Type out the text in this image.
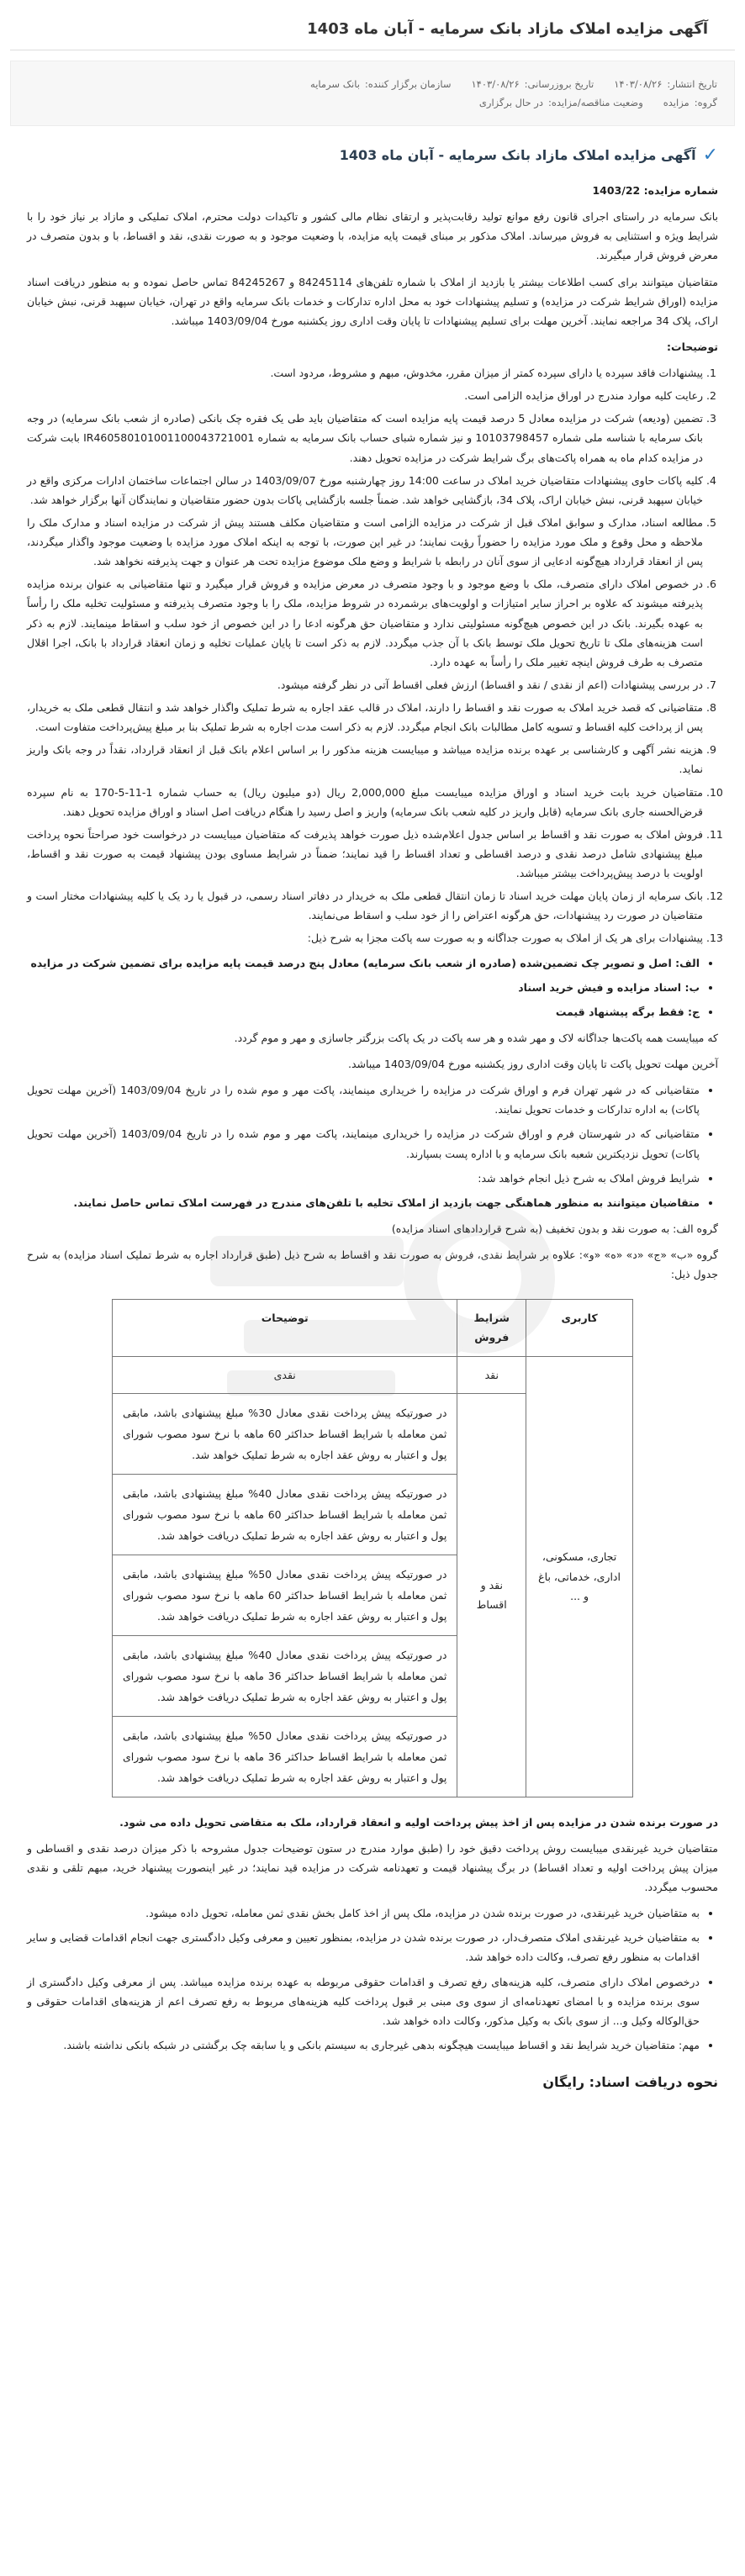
آگهی مزایده املاک مازاد بانک سرمایه - آبان ماه 1403
تاریخ انتشار:
۱۴۰۳/۰۸/۲۶
تاریخ بروزرسانی:
۱۴۰۳/۰۸/۲۶
سازمان برگزار کننده:
بانک سرمایه
گروه:
مزایده
وضعیت مناقصه/مزایده:
در حال برگزاری
✓
آگهی مزایده املاک مازاد بانک سرمایه - آبان ماه 1403

شماره مزایده: 1403/22

بانک سرمایه در راستای اجرای قانون رفع موانع تولید رقابت‌پذیر و ارتقای نظام مالی کشور و تاکیدات دولت محترم، املاک تملیکی و مازاد بر نیاز خود را با شرایط ویژه و استثنایی به فروش میرساند. املاک مذکور بر مبنای قیمت پایه مزایده، با وضعیت موجود و به صورت نقدی، نقد و اقساط، با و بدون متصرف در معرض فروش قرار میگیرند.

متقاضیان میتوانند برای کسب اطلاعات بیشتر یا بازدید از املاک با شماره تلفن‌های 84245114 و 84245267 تماس حاصل نموده و به منظور دریافت اسناد مزایده (اوراق شرایط شرکت در مزایده) و تسلیم پیشنهادات خود به محل اداره تدارکات و خدمات بانک سرمایه واقع در تهران، خیابان سپهبد قرنی، نبش خیابان اراک، پلاک 34 مراجعه نمایند. آخرین مهلت برای تسلیم پیشنهادات تا پایان وقت اداری روز یکشنبه مورخ 1403/09/04 میباشد.

توضیحات:

1. پیشنهادات فاقد سپرده یا دارای سپرده کمتر از میزان مقرر، مخدوش، مبهم و مشروط، مردود است.
2. رعایت کلیه موارد مندرج در اوراق مزایده الزامی است.
3. تضمین (ودیعه) شرکت در مزایده معادل 5 درصد قیمت پایه مزایده است که متقاضیان باید طی یک فقره چک بانکی (صادره از شعب بانک سرمایه) در وجه بانک سرمایه با شناسه ملی شماره 10103798457 و نیز شماره شبای حساب بانک سرمایه به شماره IR460580101001100043721001 بابت شرکت در مزایده کدام ماه به همراه پاکت‌های برگ شرایط شرکت در مزایده تحویل دهند.
4. کلیه پاکات حاوی پیشنهادات متقاضیان خرید املاک در ساعت 14:00 روز چهارشنبه مورخ 1403/09/07 در سالن اجتماعات ساختمان ادارات مرکزی واقع در خیابان سپهبد قرنی، نبش خیابان اراک، پلاک 34، بازگشایی خواهد شد. ضمناً جلسه بازگشایی پاکات بدون حضور متقاضیان و نمایندگان آنها برگزار خواهد شد.
5. مطالعه اسناد، مدارک و سوابق املاک قبل از شرکت در مزایده الزامی است و متقاضیان مکلف هستند پیش از شرکت در مزایده اسناد و مدارک ملک را ملاحظه و محل وقوع و ملک مورد مزایده را حضوراً رؤیت نمایند؛ در غیر این صورت، با توجه به اینکه املاک مورد مزایده با وضعیت موجود واگذار میگردند، پس از انعقاد قرارداد هیچ‌گونه ادعایی از سوی آنان در رابطه با شرایط و وضع ملک موضوع مزایده تحت هر عنوان و جهت پذیرفته نخواهد شد.
6. در خصوص املاک دارای متصرف، ملک با وضع موجود و با وجود متصرف در معرض مزایده و فروش قرار میگیرد و تنها متقاضیانی به عنوان برنده مزایده پذیرفته میشوند که علاوه بر احراز سایر امتیازات و اولویت‌های برشمرده در شروط مزایده، ملک را با وجود متصرف پذیرفته و مسئولیت تخلیه ملک را رأساً به عهده بگیرند. بانک در این خصوص هیچ‌گونه مسئولیتی ندارد و متقاضیان حق هرگونه ادعا را در این خصوص از خود سلب و اسقاط مینمایند. لازم به ذکر است هزینه‌های ملک تا تاریخ تحویل ملک توسط بانک با آن جذب میگردد. لازم به ذکر است تا پایان عملیات تخلیه و زمان انعقاد قرارداد با بانک، اجرا اقلال متصرف به طرف فروش اینچه تغییر ملک را رأساً به عهده دارد.
7. در بررسی پیشنهادات (اعم از نقدی / نقد و اقساط) ارزش فعلی اقساط آتی در نظر گرفته میشود.
8. متقاضیانی که قصد خرید املاک به صورت نقد و اقساط را دارند، املاک در قالب عقد اجاره به شرط تملیک واگذار خواهد شد و انتقال قطعی ملک به خریدار، پس از پرداخت کلیه اقساط و تسویه کامل مطالبات بانک انجام میگردد. لازم به ذکر است مدت اجاره به شرط تملیک بنا بر مبلغ پیش‌پرداخت متفاوت است.
9. هزینه نشر آگهی و کارشناسی بر عهده برنده مزایده میباشد و میبایست هزینه مذکور را بر اساس اعلام بانک قبل از انعقاد قرارداد، نقداً در وجه بانک واریز نماید.
10. متقاضیان خرید بابت خرید اسناد و اوراق مزایده میبایست مبلغ 2,000,000 ریال (دو میلیون ریال) به حساب شماره 1-11-5-170 به نام سپرده قرض‌الحسنه جاری بانک سرمایه (قابل واریز در کلیه شعب بانک سرمایه) واریز و اصل رسید را هنگام دریافت اصل اسناد و اوراق مزایده تحویل دهند.
11. فروش املاک به صورت نقد و اقساط بر اساس جدول اعلام‌شده ذیل صورت خواهد پذیرفت که متقاضیان میبایست در درخواست خود صراحتاً نحوه پرداخت مبلغ پیشنهادی شامل درصد نقدی و درصد اقساطی و تعداد اقساط را قید نمایند؛ ضمناً در شرایط مساوی بودن پیشنهاد قیمت به صورت نقد و اقساط، اولویت با درصد پیش‌پرداخت بیشتر میباشد.
12. بانک سرمایه از زمان پایان مهلت خرید اسناد تا زمان انتقال قطعی ملک به خریدار در دفاتر اسناد رسمی، در قبول یا رد یک یا کلیه پیشنهادات مختار است و متقاضیان در صورت رد پیشنهادات، حق هرگونه اعتراض را از خود سلب و اسقاط می‌نمایند.
13. پیشنهادات برای هر یک از املاک به صورت جداگانه و به صورت سه پاکت مجزا به شرح ذیل:
• الف: اصل و تصویر چک تضمین‌شده (صادره از شعب بانک سرمایه) معادل پنج درصد قیمت پایه مزایده برای تضمین شرکت در مزایده
• ب: اسناد مزایده و فیش خرید اسناد
• ج: فقط برگه پیشنهاد قیمت

که میبایست همه پاکت‌ها جداگانه لاک و مهر شده و هر سه پاکت در یک پاکت بزرگتر جاسازی و مهر و موم گردد.

آخرین مهلت تحویل پاکت تا پایان وقت اداری روز یکشنبه مورخ 1403/09/04 میباشد.

• متقاضیانی که در شهر تهران فرم و اوراق شرکت در مزایده را خریداری مینمایند، پاکت مهر و موم شده را در تاریخ 1403/09/04 (آخرین مهلت تحویل پاکات) به اداره تدارکات و خدمات تحویل نمایند.
• متقاضیانی که در شهرستان فرم و اوراق شرکت در مزایده را خریداری مینمایند، پاکت مهر و موم شده را در تاریخ 1403/09/04 (آخرین مهلت تحویل پاکات) تحویل نزدیکترین شعبه بانک سرمایه و با اداره پست بسپارند.
• شرایط فروش املاک به شرح ذیل انجام خواهد شد:
• متقاضیان میتوانند به منظور هماهنگی جهت بازدید از املاک تخلیه با تلفن‌های مندرج در فهرست املاک تماس حاصل نمایند.

گروه الف: به صورت نقد و بدون تخفیف (به شرح قراردادهای اسناد مزایده)

گروه «ب» «ج» «د» «ه» «و»: علاوه بر شرایط نقدی، فروش به صورت نقد و اقساط به شرح ذیل (طبق قرارداد اجاره به شرط تملیک اسناد مزایده) به شرح جدول ذیل:

کاربری	شرایط فروش	توضیحات
تجاری، مسکونی، اداری، خدماتی، باغ و ...	نقد	نقدی
	نقد و اقساط	در صورتیکه پیش پرداخت نقدی معادل 30% مبلغ پیشنهادی باشد، مابقی ثمن معامله با شرایط اقساط حداکثر 60 ماهه با نرخ سود مصوب شورای پول و اعتبار به روش عقد اجاره به شرط تملیک خواهد شد.
		در صورتیکه پیش پرداخت نقدی معادل 40% مبلغ پیشنهادی باشد، مابقی ثمن معامله با شرایط اقساط حداکثر 60 ماهه با نرخ سود مصوب شورای پول و اعتبار به روش عقد اجاره به شرط تملیک دریافت خواهد شد.
		در صورتیکه پیش پرداخت نقدی معادل 50% مبلغ پیشنهادی باشد، مابقی ثمن معامله با شرایط اقساط حداکثر 60 ماهه با نرخ سود مصوب شورای پول و اعتبار به روش عقد اجاره به شرط تملیک دریافت خواهد شد.
		در صورتیکه پیش پرداخت نقدی معادل 40% مبلغ پیشنهادی باشد، مابقی ثمن معامله با شرایط اقساط حداکثر 36 ماهه با نرخ سود مصوب شورای پول و اعتبار به روش عقد اجاره به شرط تملیک دریافت خواهد شد.
		در صورتیکه پیش پرداخت نقدی معادل 50% مبلغ پیشنهادی باشد، مابقی ثمن معامله با شرایط اقساط حداکثر 36 ماهه با نرخ سود مصوب شورای پول و اعتبار به روش عقد اجاره به شرط تملیک دریافت خواهد شد.

در صورت برنده شدن در مزایده پس از اخذ پیش پرداخت اولیه و انعقاد قرارداد، ملک به متقاضی تحویل داده می شود.

متقاضیان خرید غیرنقدی میبایست روش پرداخت دقیق خود را (طبق موارد مندرج در ستون توضیحات جدول مشروحه با ذکر میزان درصد نقدی و اقساطی و میزان پیش پرداخت اولیه و تعداد اقساط) در برگ پیشنهاد قیمت و تعهدنامه شرکت در مزایده قید نمایند؛ در غیر اینصورت پیشنهاد خرید، مبهم تلقی و نقدی محسوب میگردد.

• به متقاضیان خرید غیرنقدی، در صورت برنده شدن در مزایده، ملک پس از اخذ کامل بخش نقدی ثمن معامله، تحویل داده میشود.
• به متقاضیان خرید غیرنقدی املاک متصرف‌دار، در صورت برنده شدن در مزایده، بمنظور تعیین و معرفی وکیل دادگستری جهت انجام اقدامات قضایی و سایر اقدامات به منظور رفع تصرف، وکالت داده خواهد شد.
• درخصوص املاک دارای متصرف، کلیه هزینه‌های رفع تصرف و اقدامات حقوقی مربوطه به عهده برنده مزایده میباشد. پس از معرفی وکیل دادگستری از سوی برنده مزایده و با امضای تعهدنامه‌ای از سوی وی مبنی بر قبول پرداخت کلیه هزینه‌های مربوط به رفع تصرف اعم از هزینه‌های اقدامات حقوقی و حق‌الوکاله وکیل و... از سوی بانک به وکیل مذکور، وکالت داده خواهد شد.
• مهم: متقاضیان خرید شرایط نقد و اقساط میبایست هیچگونه بدهی غیرجاری به سیستم بانکی و یا سابقه چک برگشتی در شبکه بانکی نداشته باشند.
نحوه دریافت اسناد: رایگان
